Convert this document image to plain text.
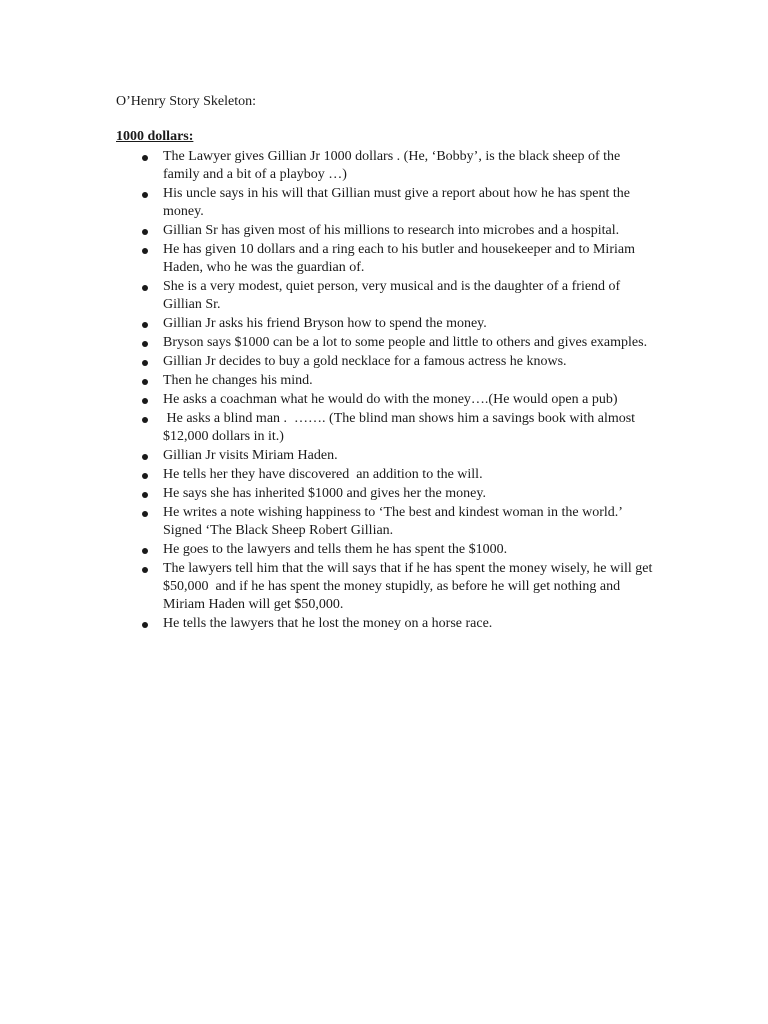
O’Henry Story Skeleton:

1000 dollars:

The Lawyer gives Gillian Jr 1000 dollars . (He, ‘Bobby’, is the black sheep of the family and a bit of a playboy …)
His uncle says in his will that Gillian must give a report about how he has spent the money.
Gillian Sr has given most of his millions to research into microbes and a hospital.
He has given 10 dollars and a ring each to his butler and housekeeper and to Miriam Haden, who he was the guardian of.
She is a very modest, quiet person, very musical and is the daughter of a friend of Gillian Sr.
Gillian Jr asks his friend Bryson how to spend the money.
Bryson says $1000 can be a lot to some people and little to others and gives examples.
Gillian Jr decides to buy a gold necklace for a famous actress he knows.
Then he changes his mind.
He asks a coachman what he would do with the money….(He would open a pub)
He asks a blind man .  ……. (The blind man shows him a savings book with almost $12,000 dollars in it.)
Gillian Jr visits Miriam Haden.
He tells her they have discovered  an addition to the will.
He says she has inherited $1000 and gives her the money.
He writes a note wishing happiness to ‘The best and kindest woman in the world.’ Signed ‘The Black Sheep Robert Gillian.
He goes to the lawyers and tells them he has spent the $1000.
The lawyers tell him that the will says that if he has spent the money wisely, he will get $50,000  and if he has spent the money stupidly, as before he will get nothing and Miriam Haden will get $50,000.
He tells the lawyers that he lost the money on a horse race.
